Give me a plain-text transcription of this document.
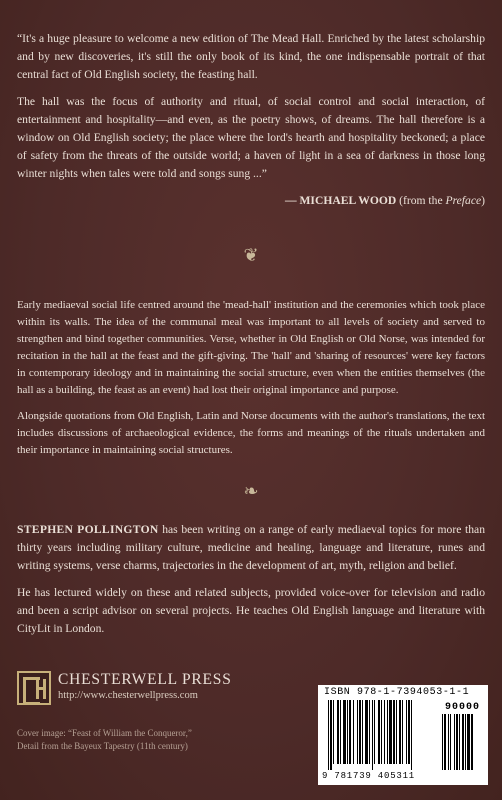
“It's a huge pleasure to welcome a new edition of The Mead Hall. Enriched by the latest scholarship and by new discoveries, it's still the only book of its kind, the one indispensable portrait of that central fact of Old English society, the feasting hall.

The hall was the focus of authority and ritual, of social control and social interaction, of entertainment and hospitality—and even, as the poetry shows, of dreams. The hall therefore is a window on Old English society; the place where the lord's hearth and hospitality beckoned; a place of safety from the threats of the outside world; a haven of light in a sea of darkness in those long winter nights when tales were told and songs sung ...”

— MICHAEL WOOD (from the Preface)
❦

Early mediaeval social life centred around the 'mead-hall' institution and the ceremonies which took place within its walls. The idea of the communal meal was important to all levels of society and served to strengthen and bind together communities. Verse, whether in Old English or Old Norse, was intended for recitation in the hall at the feast and the gift-giving. The 'hall' and 'sharing of resources' were key factors in contemporary ideology and in maintaining the social structure, even when the entities themselves (the hall as a building, the feast as an event) had lost their original importance and purpose.

Alongside quotations from Old English, Latin and Norse documents with the author's translations, the text includes discussions of archaeological evidence, the forms and meanings of the rituals undertaken and their importance in maintaining social structures.

❧

STEPHEN POLLINGTON has been writing on a range of early mediaeval topics for more than thirty years including military culture, medicine and healing, language and literature, runes and writing systems, verse charms, trajectories in the development of art, myth, religion and belief.

He has lectured widely on these and related subjects, provided voice-over for television and radio and been a script advisor on several projects. He teaches Old English language and literature with CityLit in London.

CHESTERWELL PRESS
http://www.chesterwellpress.com
Cover image: “Feast of William the Conqueror,”
Detail from the Bayeux Tapestry (11th century)
ISBN 978-1-7394053-1-1
90000
9 781739 405311
